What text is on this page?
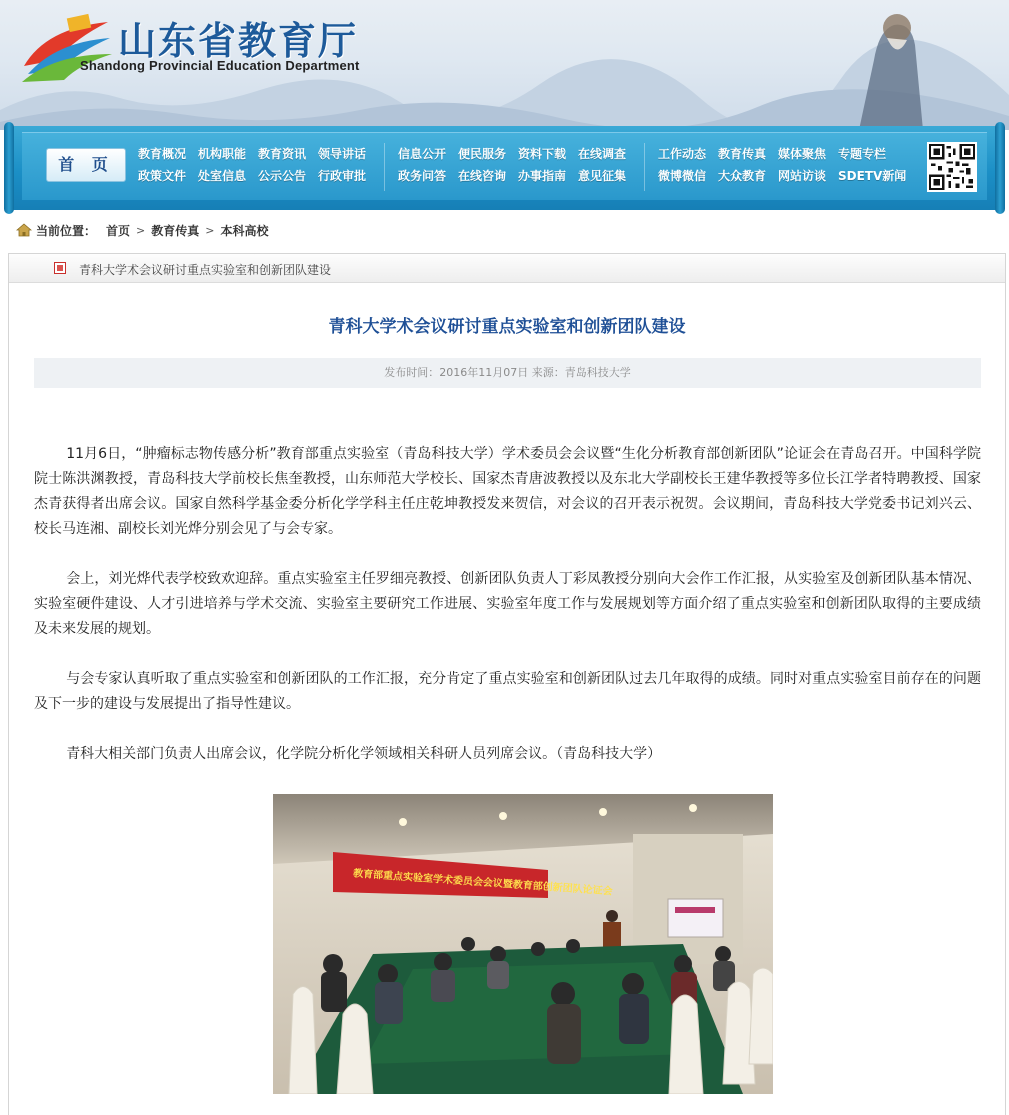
山东省教育厅
Shandong Provincial Education Department
首 页
教育概况 机构职能 教育资讯 领导讲话
政策文件 处室信息 公示公告 行政审批
信息公开 便民服务 资料下载 在线调查
政务问答 在线咨询 办事指南 意见征集
工作动态 教育传真 媒体聚焦 专题专栏
微博微信 大众教育 网站访谈 SDETV新闻
当前位置： 首页 > 教育传真 > 本科高校
青科大学术会议研讨重点实验室和创新团队建设
青科大学术会议研讨重点实验室和创新团队建设
发布时间：2016年11月07日 来源：青岛科技大学

11月6日，“肿瘤标志物传感分析”教育部重点实验室（青岛科技大学）学术委员会会议暨“生化分析教育部创新团队”论证会在青岛召开。中国科学院院士陈洪渊教授，青岛科技大学前校长焦奎教授，山东师范大学校长、国家杰青唐波教授以及东北大学副校长王建华教授等多位长江学者特聘教授、国家杰青获得者出席会议。国家自然科学基金委分析化学学科主任庄乾坤教授发来贺信，对会议的召开表示祝贺。会议期间，青岛科技大学党委书记刘兴云、校长马连湘、副校长刘光烨分别会见了与会专家。

会上，刘光烨代表学校致欢迎辞。重点实验室主任罗细亮教授、创新团队负责人丁彩凤教授分别向大会作工作汇报，从实验室及创新团队基本情况、实验室硬件建设、人才引进培养与学术交流、实验室主要研究工作进展、实验室年度工作与发展规划等方面介绍了重点实验室和创新团队取得的主要成绩及未来发展的规划。

与会专家认真听取了重点实验室和创新团队的工作汇报，充分肯定了重点实验室和创新团队过去几年取得的成绩。同时对重点实验室目前存在的问题及下一步的建设与发展提出了指导性建议。

青科大相关部门负责人出席会议，化学院分析化学领域相关科研人员列席会议。（青岛科技大学）

教育部重点实验室学术委员会会议暨教育部创新团队论证会
